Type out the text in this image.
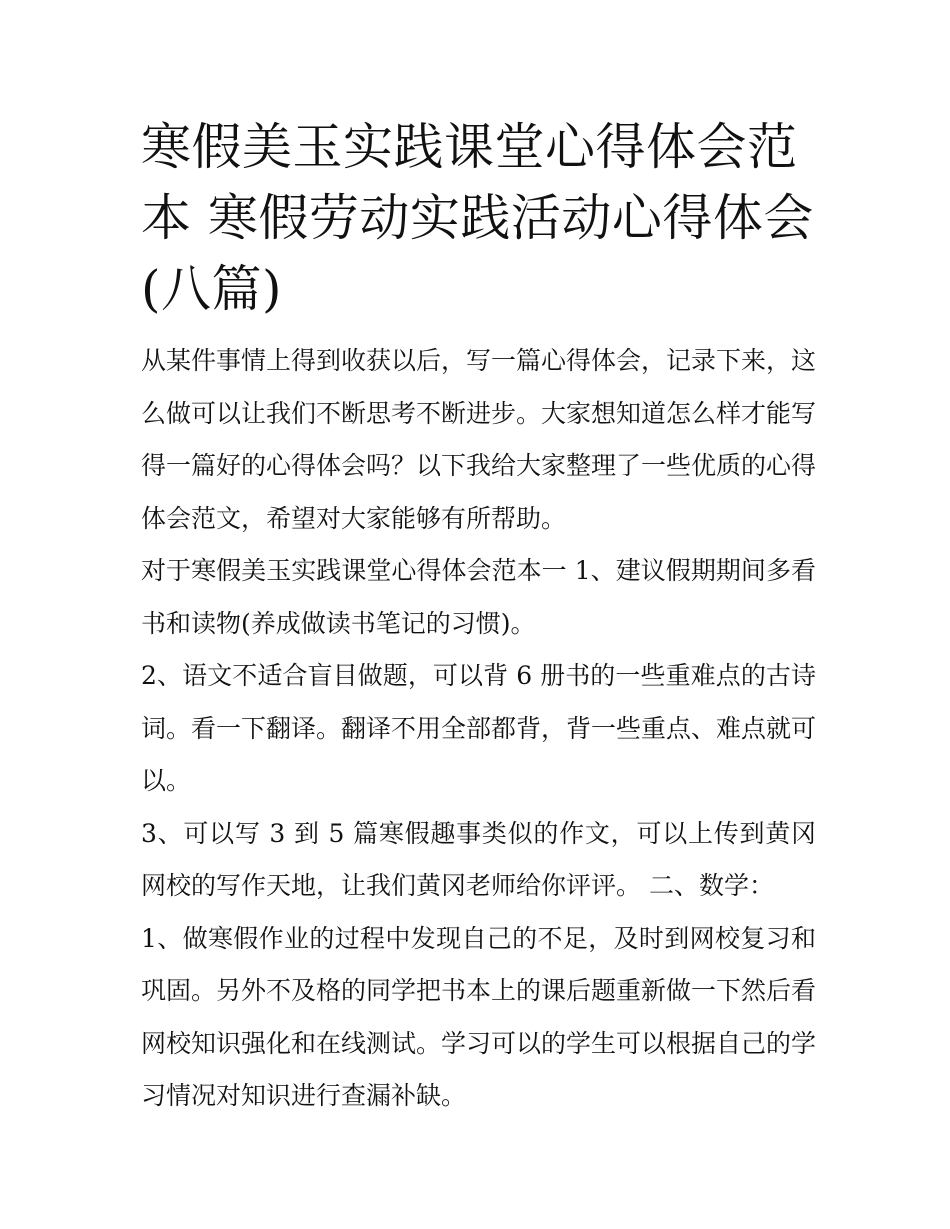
寒假美玉实践课堂心得体会范本 寒假劳动实践活动心得体会(八篇)

从某件事情上得到收获以后，写一篇心得体会，记录下来，这么做可以让我们不断思考不断进步。大家想知道怎么样才能写得一篇好的心得体会吗？以下我给大家整理了一些优质的心得体会范文，希望对大家能够有所帮助。

对于寒假美玉实践课堂心得体会范本一 1、建议假期期间多看书和读物(养成做读书笔记的习惯)。

2、语文不适合盲目做题，可以背 6 册书的一些重难点的古诗词。看一下翻译。翻译不用全部都背，背一些重点、难点就可以。

3、可以写 3 到 5 篇寒假趣事类似的作文，可以上传到黄冈网校的写作天地，让我们黄冈老师给你评评。 二、数学：

1、做寒假作业的过程中发现自己的不足，及时到网校复习和巩固。另外不及格的同学把书本上的课后题重新做一下然后看网校知识强化和在线测试。学习可以的学生可以根据自己的学习情况对知识进行查漏补缺。
